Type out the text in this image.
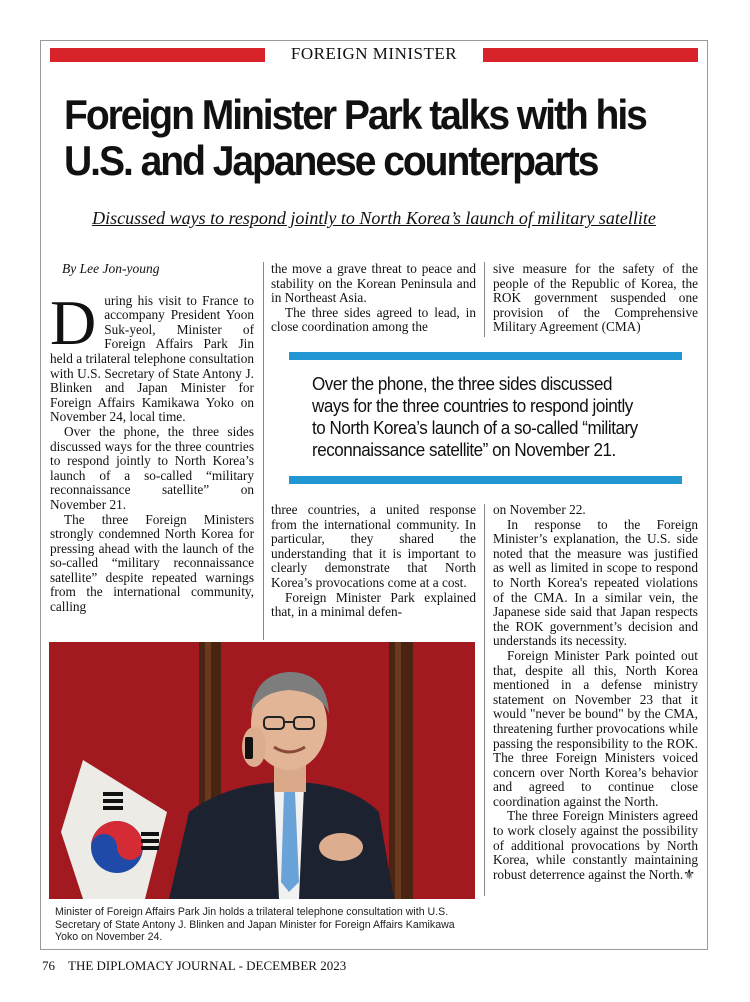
FOREIGN MINISTER
Foreign Minister Park talks with his
U.S. and Japanese counterparts
Discussed ways to respond jointly to North Korea’s launch of military satellite
By Lee Jon-young

During his visit to France to accompany President Yoon Suk-yeol, Minister of Foreign Affairs Park Jin held a trilateral telephone consultation with U.S. Secretary of State Antony J. Blinken and Japan Minister for Foreign Affairs Kamikawa Yoko on November 24, local time.

Over the phone, the three sides discussed ways for the three countries to respond jointly to North Korea’s launch of a so-called “military reconnaissance satellite” on November 21.

The three Foreign Ministers strongly condemned North Korea for pressing ahead with the launch of the so-called “military reconnaissance satellite” despite repeated warnings from the international community, calling

the move a grave threat to peace and stability on the Korean Peninsula and in Northeast Asia.

The three sides agreed to lead, in close coordination among the

sive measure for the safety of the people of the Republic of Korea, the ROK government suspended one provision of the Comprehensive Military Agreement (CMA)

Over the phone, the three sides discussed
ways for the three countries to respond jointly
to North Korea’s launch of a so-called “military
reconnaissance satellite” on November 21.

three countries, a united response from the international community. In particular, they shared the understanding that it is important to clearly demonstrate that North Korea’s provocations come at a cost.

Foreign Minister Park explained that, in a minimal defen-

on November 22.

In response to the Foreign Minister’s explanation, the U.S. side noted that the measure was justified as well as limited in scope to respond to North Korea's repeated violations of the CMA. In a similar vein, the Japanese side said that Japan respects the ROK government’s decision and understands its necessity.

Foreign Minister Park pointed out that, despite all this, North Korea mentioned in a defense ministry statement on November 23 that it would "never be bound" by the CMA, threatening further provocations while passing the responsibility to the ROK. The three Foreign Ministers voiced concern over North Korea’s behavior and agreed to continue close coordination against the North.

The three Foreign Ministers agreed to work closely against the possibility of additional provocations by North Korea, while constantly maintaining robust deterrence against the North.⚜

Minister of Foreign Affairs Park Jin holds a trilateral telephone consultation with U.S. Secretary of State Antony J. Blinken and Japan Minister for Foreign Affairs Kamikawa Yoko on November 24.
76 THE DIPLOMACY JOURNAL - DECEMBER 2023
